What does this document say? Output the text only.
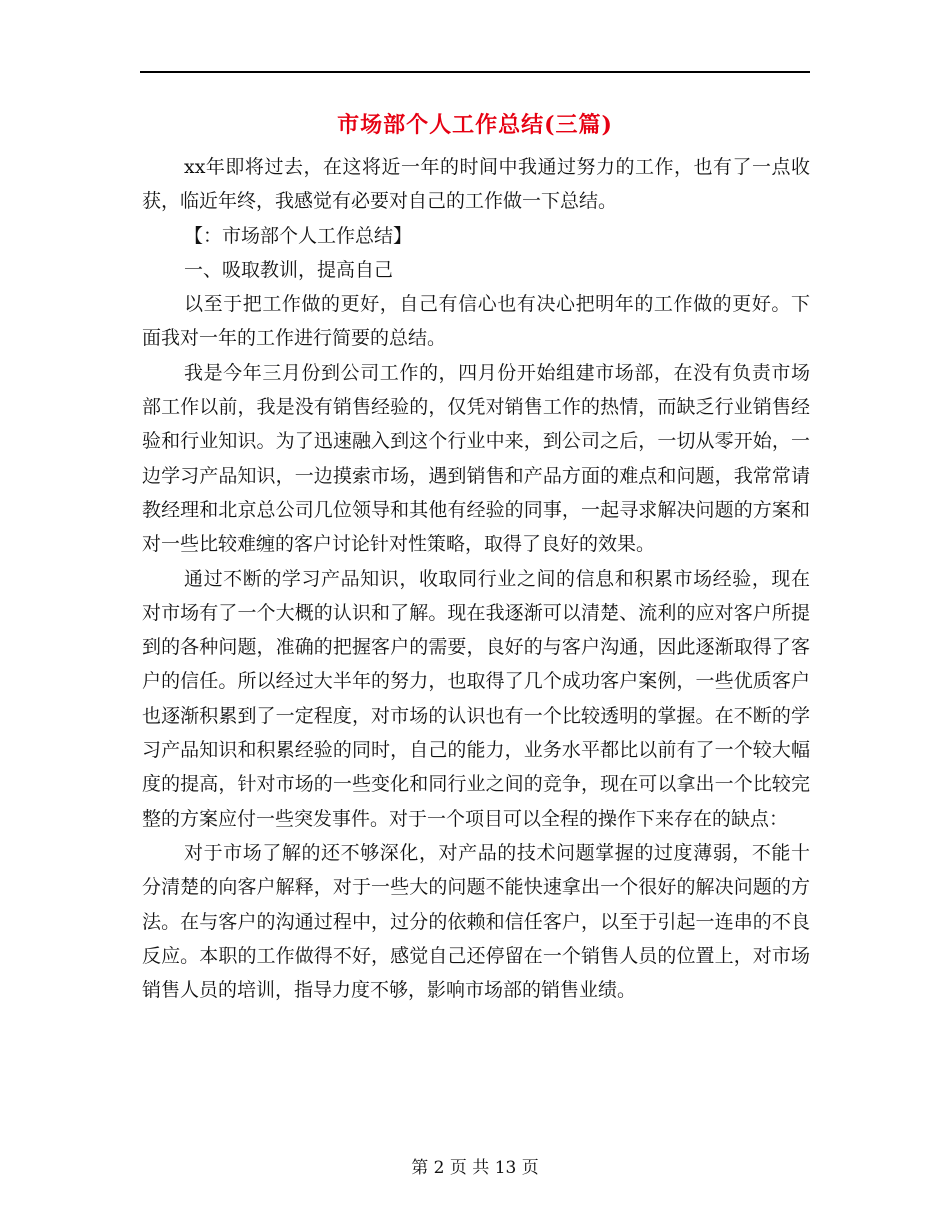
市场部个人工作总结(三篇)

xx年即将过去，在这将近一年的时间中我通过努力的工作，也有了一点收获，临近年终，我感觉有必要对自己的工作做一下总结。

【：市场部个人工作总结】

一、吸取教训，提高自己

以至于把工作做的更好，自己有信心也有决心把明年的工作做的更好。下面我对一年的工作进行简要的总结。

我是今年三月份到公司工作的，四月份开始组建市场部，在没有负责市场部工作以前，我是没有销售经验的，仅凭对销售工作的热情，而缺乏行业销售经验和行业知识。为了迅速融入到这个行业中来，到公司之后，一切从零开始，一边学习产品知识，一边摸索市场，遇到销售和产品方面的难点和问题，我常常请教经理和北京总公司几位领导和其他有经验的同事，一起寻求解决问题的方案和对一些比较难缠的客户讨论针对性策略，取得了良好的效果。

通过不断的学习产品知识，收取同行业之间的信息和积累市场经验，现在对市场有了一个大概的认识和了解。现在我逐渐可以清楚、流利的应对客户所提到的各种问题，准确的把握客户的需要，良好的与客户沟通，因此逐渐取得了客户的信任。所以经过大半年的努力，也取得了几个成功客户案例，一些优质客户也逐渐积累到了一定程度，对市场的认识也有一个比较透明的掌握。在不断的学习产品知识和积累经验的同时，自己的能力，业务水平都比以前有了一个较大幅度的提高，针对市场的一些变化和同行业之间的竞争，现在可以拿出一个比较完整的方案应付一些突发事件。对于一个项目可以全程的操作下来存在的缺点：

对于市场了解的还不够深化，对产品的技术问题掌握的过度薄弱，不能十分清楚的向客户解释，对于一些大的问题不能快速拿出一个很好的解决问题的方法。在与客户的沟通过程中，过分的依赖和信任客户，以至于引起一连串的不良反应。本职的工作做得不好，感觉自己还停留在一个销售人员的位置上，对市场销售人员的培训，指导力度不够，影响市场部的销售业绩。

第 2 页 共 13 页
